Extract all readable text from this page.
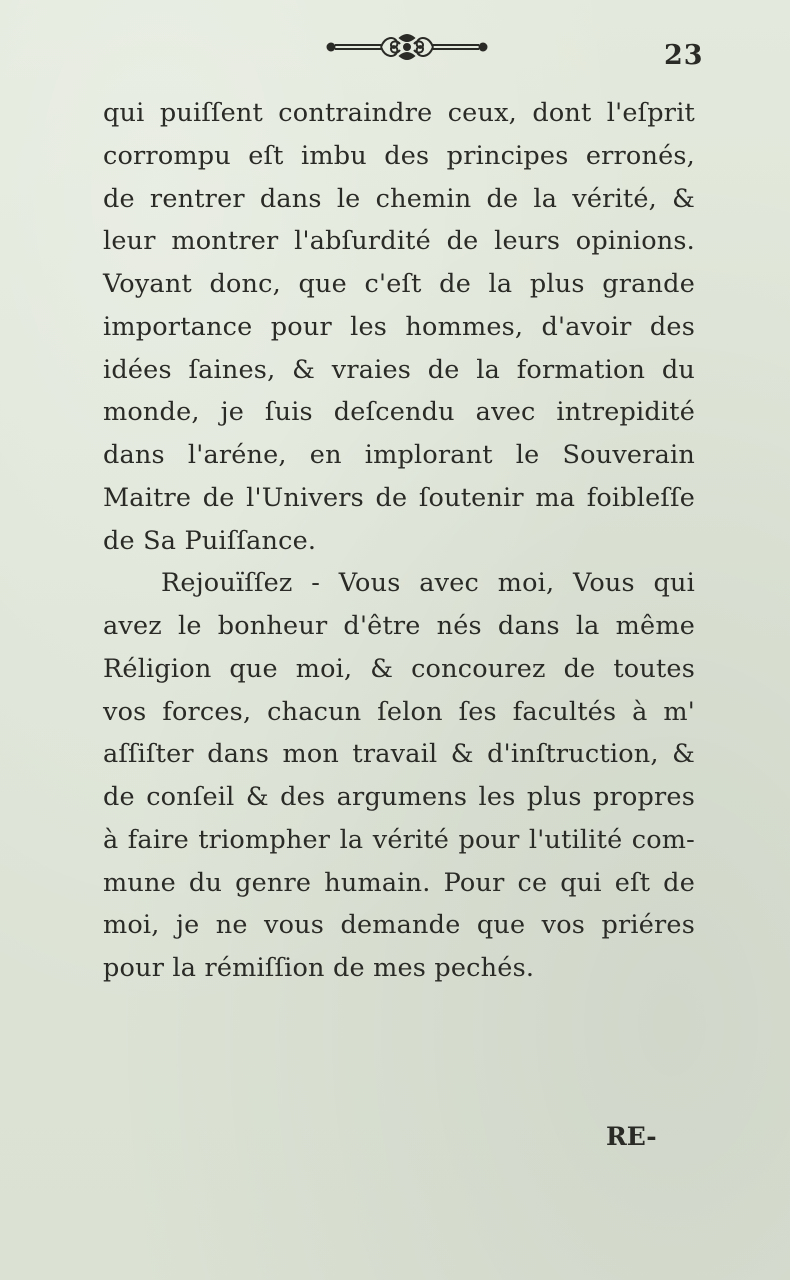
23
qui puiſſent contraindre ceux, dont l'eſprit
corrompu eſt imbu des principes erronés,
de rentrer dans le chemin de la vérité, &
leur montrer l'abſurdité de leurs opinions.
Voyant donc, que c'eſt de la plus grande
importance pour les hommes, d'avoir des
idées ſaines, & vraies de la formation du
monde, je ſuis deſcendu avec intrepidité
dans l'aréne, en implorant le Souverain
Maitre de l'Univers de ſoutenir ma foibleſſe
de Sa Puiſſance.
Rejouïſſez - Vous avec moi, Vous qui
avez le bonheur d'être nés dans la même
Réligion que moi, & concourez de toutes
vos forces, chacun ſelon ſes facultés à m'
aſſiſter dans mon travail & d'inſtruction, &
de conſeil & des argumens les plus propres
à faire triompher la vérité pour l'utilité com-
mune du genre humain. Pour ce qui eſt de
moi, je ne vous demande que vos priéres
pour la rémiſſion de mes pechés.
RE-
